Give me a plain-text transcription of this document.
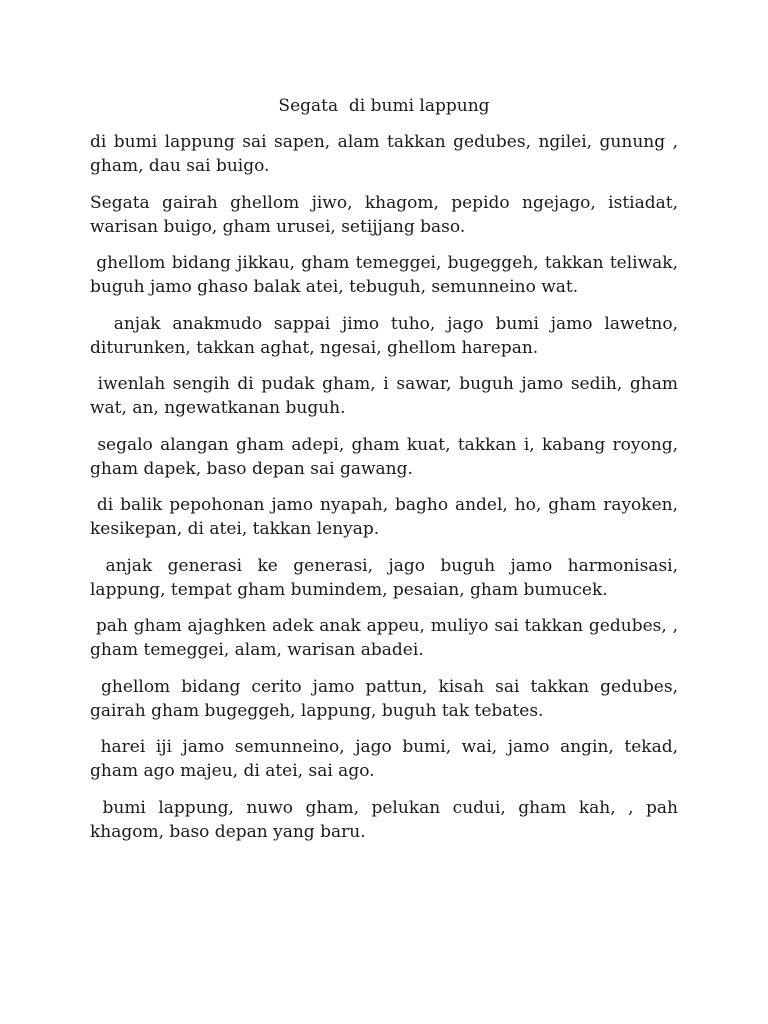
Segata  di bumi lappung

di bumi lappung sai sapen, alam takkan gedubes, ngilei, gunung , gham, dau sai buigo.

Segata gairah ghellom jiwo, khagom, pepido ngejago, istiadat, warisan buigo, gham urusei, setijjang baso.

ghellom bidang jikkau, gham temeggei, bugeggeh, takkan teliwak, buguh jamo ghaso balak atei, tebuguh, semunneino wat.

anjak anakmudo sappai jimo tuho, jago bumi jamo lawetno, diturunken, takkan aghat, ngesai, ghellom harepan.

iwenlah sengih di pudak gham, i sawar, buguh jamo sedih, gham wat, an, ngewatkanan buguh.

segalo alangan gham adepi, gham kuat, takkan i, kabang royong, gham dapek, baso depan sai gawang.

di balik pepohonan jamo nyapah, bagho andel, ho, gham rayoken, kesikepan, di atei, takkan lenyap.

anjak generasi ke generasi, jago buguh jamo harmonisasi, lappung, tempat gham bumindem, pesaian, gham bumucek.

pah gham ajaghken adek anak appeu, muliyo sai takkan gedubes, , gham temeggei, alam, warisan abadei.

ghellom bidang cerito jamo pattun, kisah sai takkan gedubes, gairah gham bugeggeh, lappung, buguh tak tebates.

harei iji jamo semunneino, jago bumi, wai, jamo angin, tekad, gham ago majeu, di atei, sai ago.

bumi lappung, nuwo gham, pelukan cudui, gham kah, , pah khagom, baso depan yang baru.
